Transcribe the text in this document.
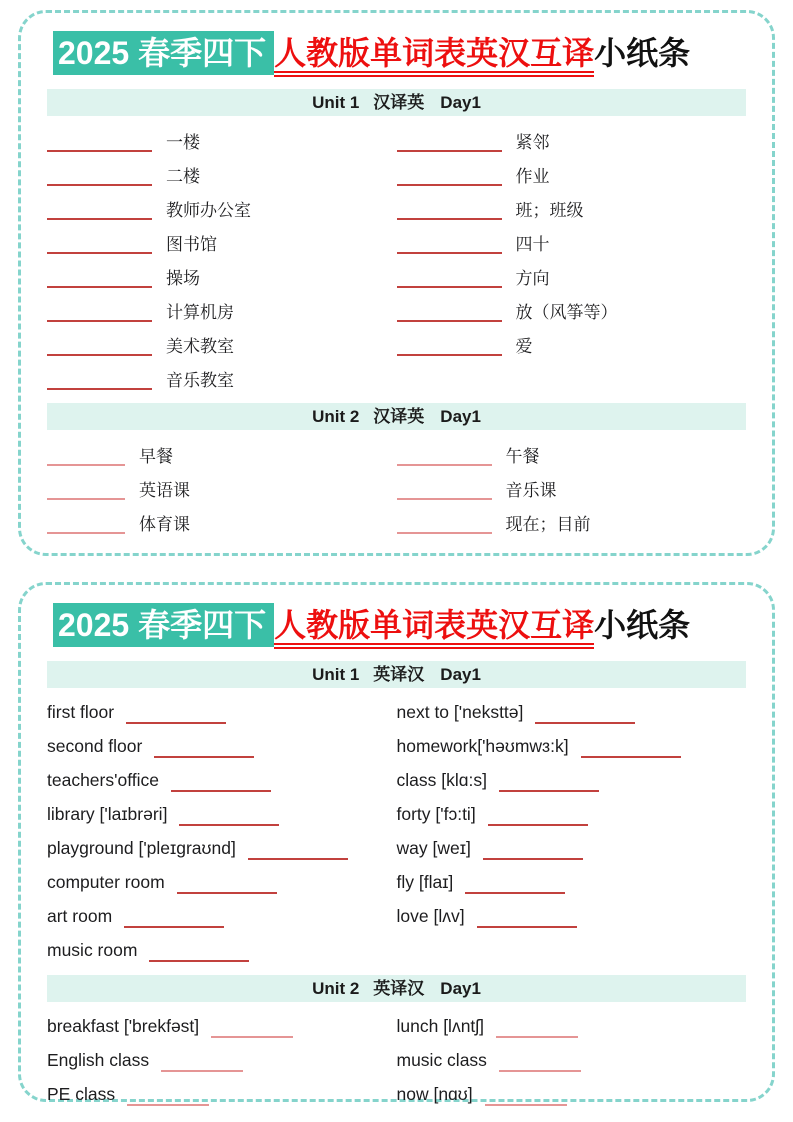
2025 春季四下 人教版单词表英汉互译小纸条
Unit 1 汉译英 Day1
一楼
二楼
教师办公室
图书馆
操场
计算机房
美术教室
音乐教室
紧邻
作业
班；班级
四十
方向
放（风筝等）
爱
Unit 2 汉译英 Day1
早餐
英语课
体育课
午餐
音乐课
现在；目前
2025 春季四下 人教版单词表英汉互译小纸条
Unit 1 英译汉 Day1
first floor
second floor
teachers'office
library ['laɪbrəri]
playground ['pleɪgraʊnd]
computer room
art room
music room
next to ['neksttə]
homework['həʊmwɜ:k]
class [klɑ:s]
forty ['fɔ:ti]
way [weɪ]
fly [flaɪ]
love [lʌv]
Unit 2 英译汉 Day1
breakfast ['brekfəst]
English class
PE class
lunch [lʌntʃ]
music class
now [nɑʊ]
